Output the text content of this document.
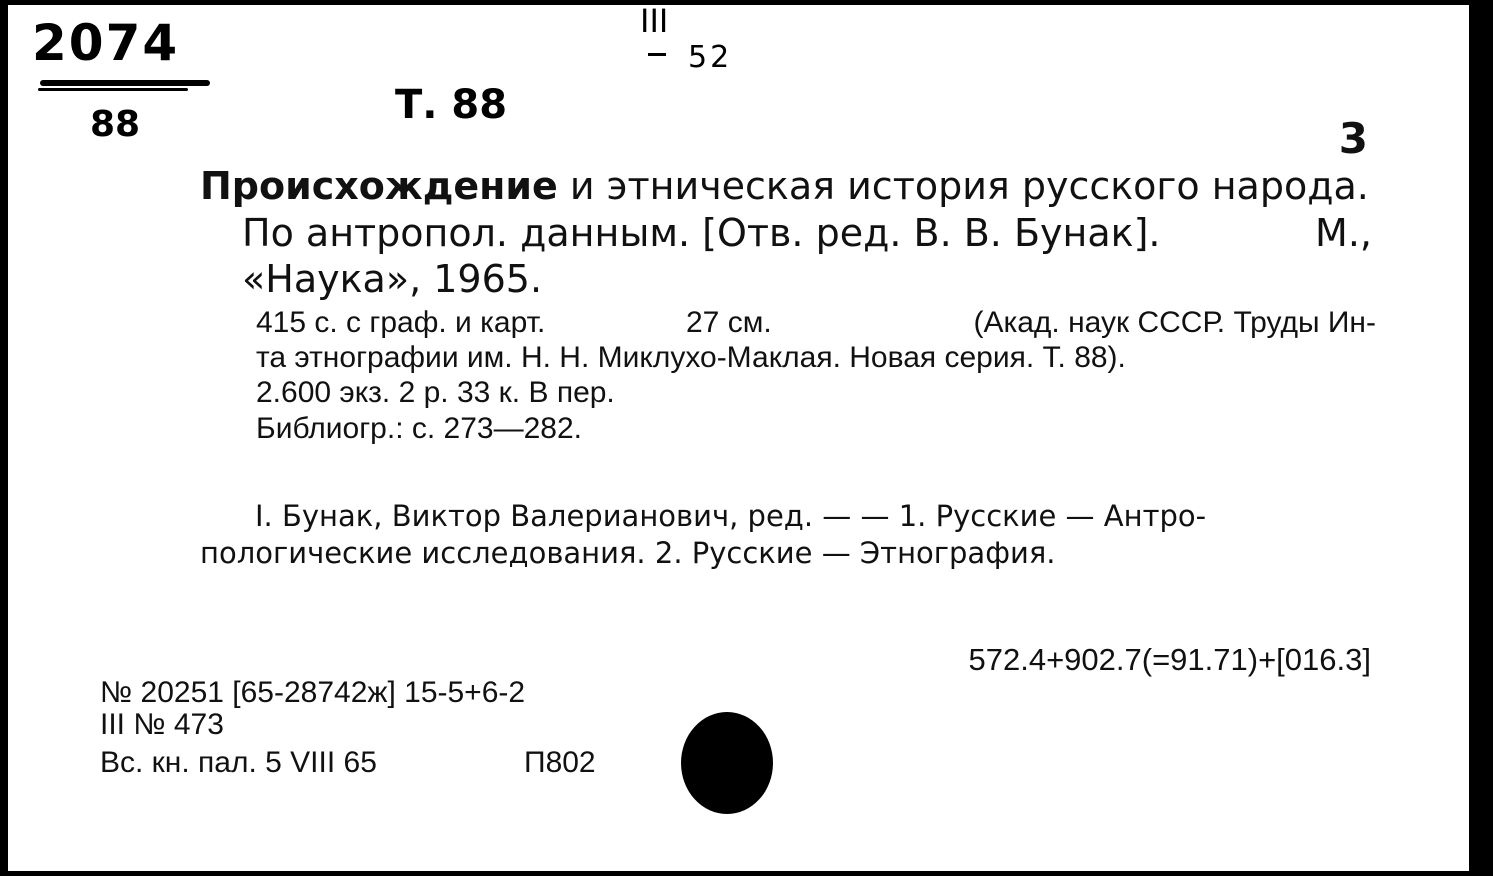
2074
88	Т. 88
ІІІ
52
3
Происхождение и этническая история русского народа.
По антропол. данным. [Отв. ред. В. В. Бунак].	М.,
«Наука», 1965.
415 с. с граф. и карт.	27 см.	(Акад. наук СССР. Труды Ин-
та этнографии им. Н. Н. Миклухо-Маклая. Новая серия. Т. 88).
2.600 экз. 2 р. 33 к. В пер.
Библиогр.: с. 273—282.
I. Бунак, Виктор Валерианович, ред. — — 1. Русские — Антро-
пологические исследования. 2. Русские — Этнография.
572.4+902.7(=91.71)+[016.3]
№ 20251 [65-28742ж] 15-5+6-2
III № 473
Вс. кн. пал. 5 VIII 65	П802
